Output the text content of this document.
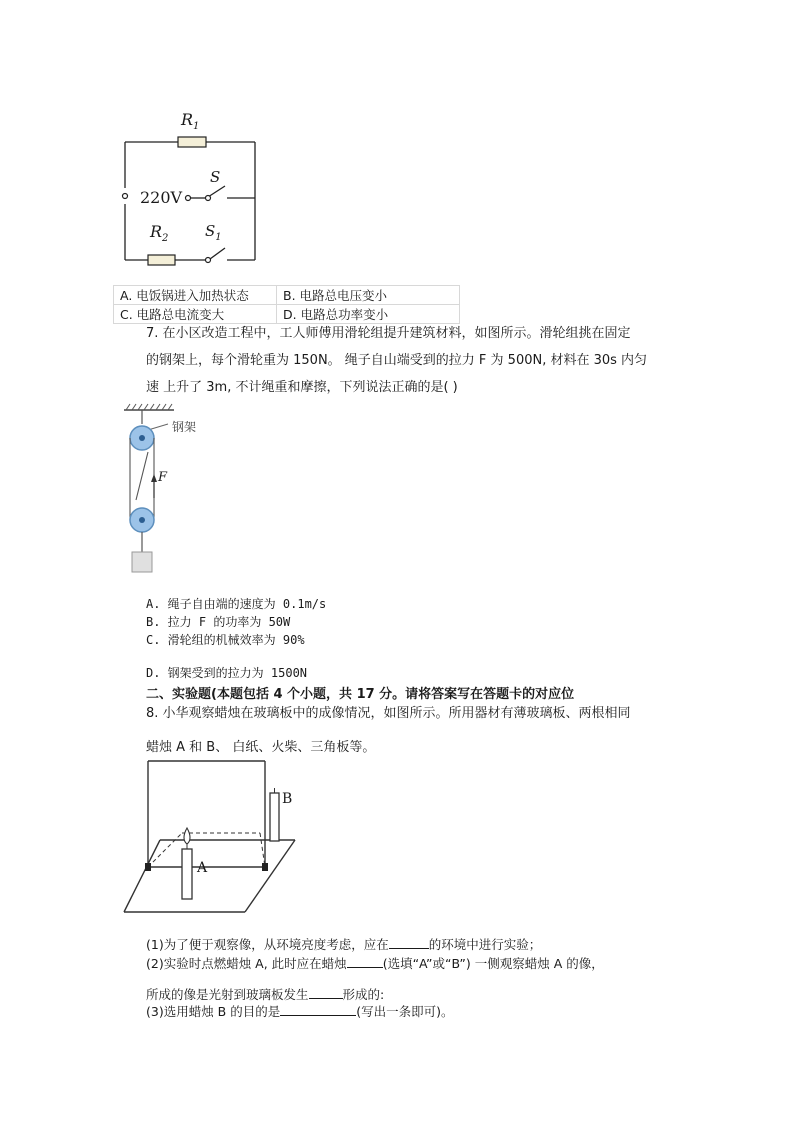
$R_1$
220V
S
$R_2$ $S_1$
A. 电饭锅进入加热状态	B. 电路总电压变小
C. 电路总电流变大	D. 电路总功率变小
7. 在小区改造工程中，工人师傅用滑轮组提升建筑材料，如图所示。滑轮组挑在固定
的钢架上，每个滑轮重为 150N。 绳子自山端受到的拉力 F 为 500N, 材料在 30s 内匀
速 上升了 3m, 不计绳重和摩擦，下列说法正确的是( )
钢架
F
A. 绳子自由端的速度为 0.1m/s
B. 拉力 F 的功率为 50W
C. 滑轮组的机械效率为 90%
D. 钢架受到的拉力为 1500N
二、实验题(本题包括 4 个小题，共 17 分。请将答案写在答题卡的对应位
8. 小华观察蜡烛在玻璃板中的成像情况，如图所示。所用器材有薄玻璃板、两根相同
蜡烛 A 和 B、 白纸、火柴、三角板等。
A
B
(1)为了便于观察像，从环境亮度考虑，应在	的环境中进行实验；
(2)实验时点燃蜡烛 A, 此时应在蜡烛	(选填“A”或“B”) 一侧观察蜡烛 A 的像，
所成的像是光射到玻璃板发生	形成的:
(3)选用蜡烛 B 的目的是	(写出一条即可)。
